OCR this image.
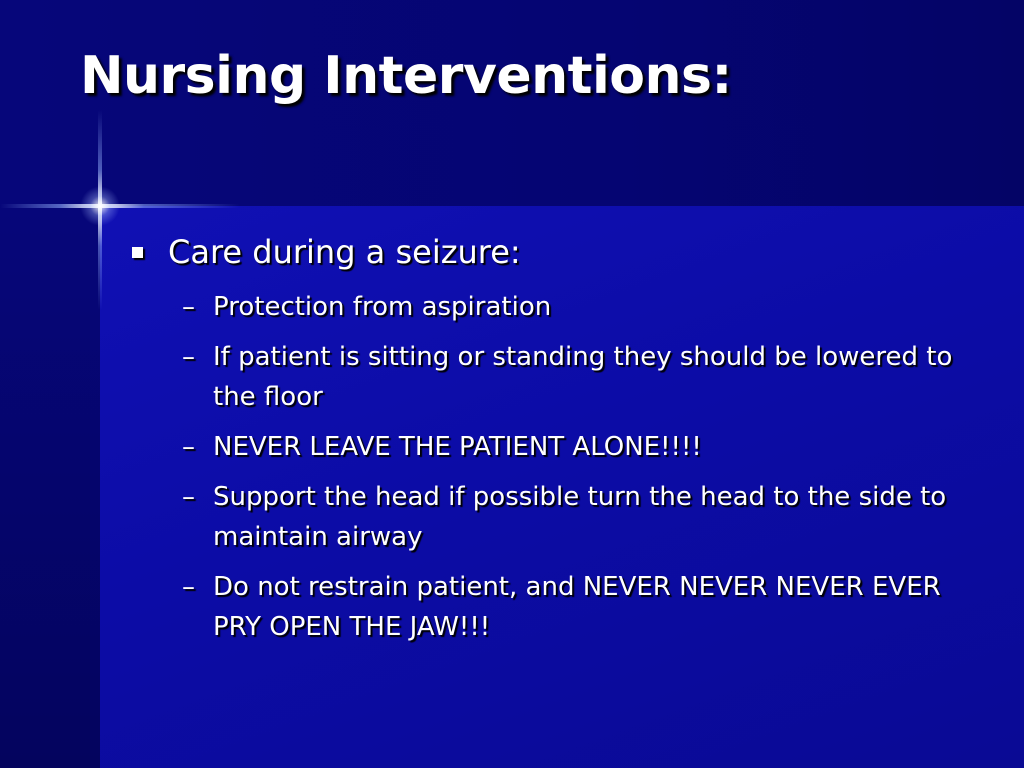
Nursing Interventions:
Care during a seizure:
– Protection from aspiration
– If patient is sitting or standing they should be lowered to the floor
– NEVER LEAVE THE PATIENT ALONE!!!!
– Support the head if possible turn the head to the side to maintain airway
– Do not restrain patient, and NEVER NEVER NEVER EVER PRY OPEN THE JAW!!!
